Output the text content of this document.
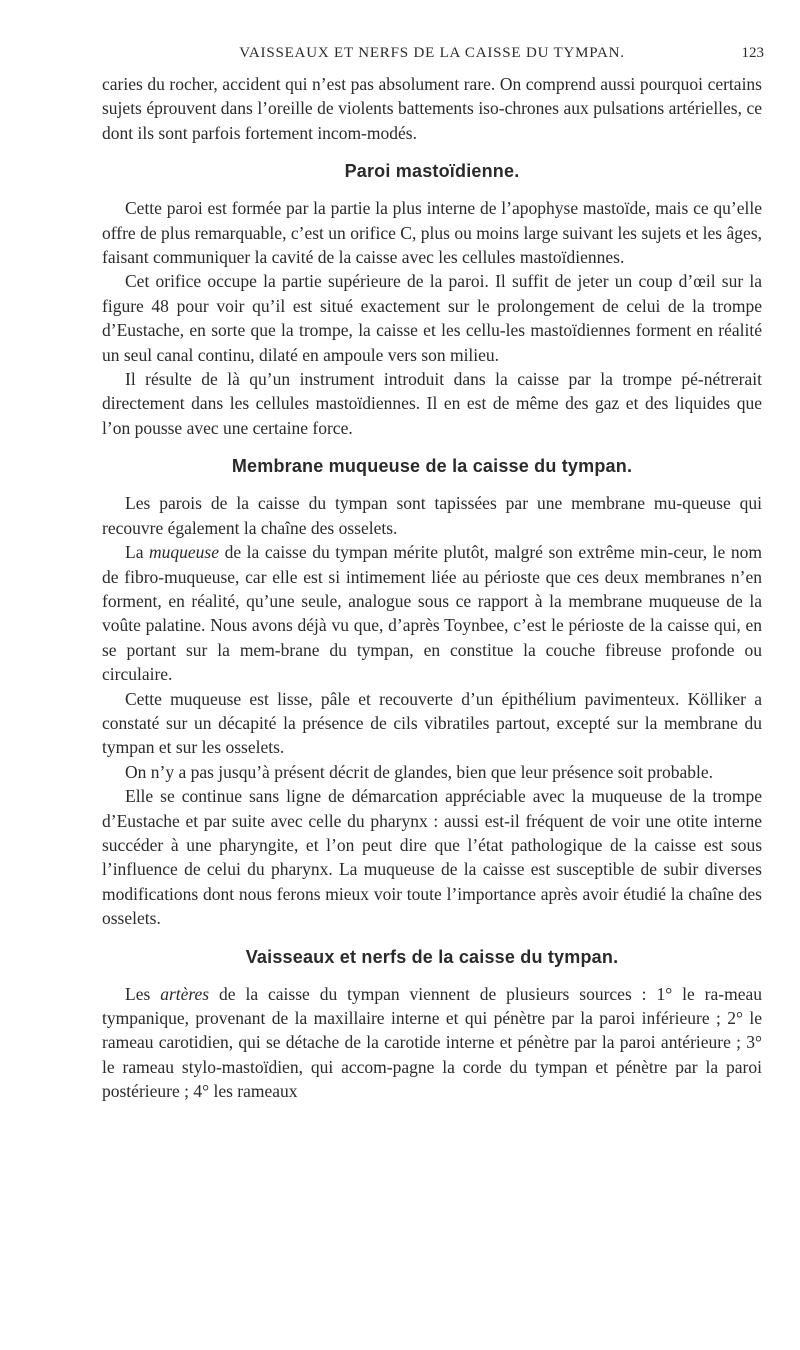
VAISSEAUX ET NERFS DE LA CAISSE DU TYMPAN.	123

caries du rocher, accident qui n’est pas absolument rare. On comprend aussi pourquoi certains sujets éprouvent dans l’oreille de violents battements iso-chrones aux pulsations artérielles, ce dont ils sont parfois fortement incom-modés.

Paroi mastoïdienne.

Cette paroi est formée par la partie la plus interne de l’apophyse mastoïde, mais ce qu’elle offre de plus remarquable, c’est un orifice C, plus ou moins large suivant les sujets et les âges, faisant communiquer la cavité de la caisse avec les cellules mastoïdiennes.

Cet orifice occupe la partie supérieure de la paroi. Il suffit de jeter un coup d’œil sur la figure 48 pour voir qu’il est situé exactement sur le prolongement de celui de la trompe d’Eustache, en sorte que la trompe, la caisse et les cellu-les mastoïdiennes forment en réalité un seul canal continu, dilaté en ampoule vers son milieu.

Il résulte de là qu’un instrument introduit dans la caisse par la trompe pé-nétrerait directement dans les cellules mastoïdiennes. Il en est de même des gaz et des liquides que l’on pousse avec une certaine force.

Membrane muqueuse de la caisse du tympan.

Les parois de la caisse du tympan sont tapissées par une membrane mu-queuse qui recouvre également la chaîne des osselets.

La muqueuse de la caisse du tympan mérite plutôt, malgré son extrême min-ceur, le nom de fibro-muqueuse, car elle est si intimement liée au périoste que ces deux membranes n’en forment, en réalité, qu’une seule, analogue sous ce rapport à la membrane muqueuse de la voûte palatine. Nous avons déjà vu que, d’après Toynbee, c’est le périoste de la caisse qui, en se portant sur la mem-brane du tympan, en constitue la couche fibreuse profonde ou circulaire.

Cette muqueuse est lisse, pâle et recouverte d’un épithélium pavimenteux. Kölliker a constaté sur un décapité la présence de cils vibratiles partout, excepté sur la membrane du tympan et sur les osselets.

On n’y a pas jusqu’à présent décrit de glandes, bien que leur présence soit probable.

Elle se continue sans ligne de démarcation appréciable avec la muqueuse de la trompe d’Eustache et par suite avec celle du pharynx : aussi est-il fréquent de voir une otite interne succéder à une pharyngite, et l’on peut dire que l’état pathologique de la caisse est sous l’influence de celui du pharynx. La muqueuse de la caisse est susceptible de subir diverses modifications dont nous ferons mieux voir toute l’importance après avoir étudié la chaîne des osselets.

Vaisseaux et nerfs de la caisse du tympan.

Les artères de la caisse du tympan viennent de plusieurs sources : 1° le ra-meau tympanique, provenant de la maxillaire interne et qui pénètre par la paroi inférieure ; 2° le rameau carotidien, qui se détache de la carotide interne et pénètre par la paroi antérieure ; 3° le rameau stylo-mastoïdien, qui accom-pagne la corde du tympan et pénètre par la paroi postérieure ; 4° les rameaux
